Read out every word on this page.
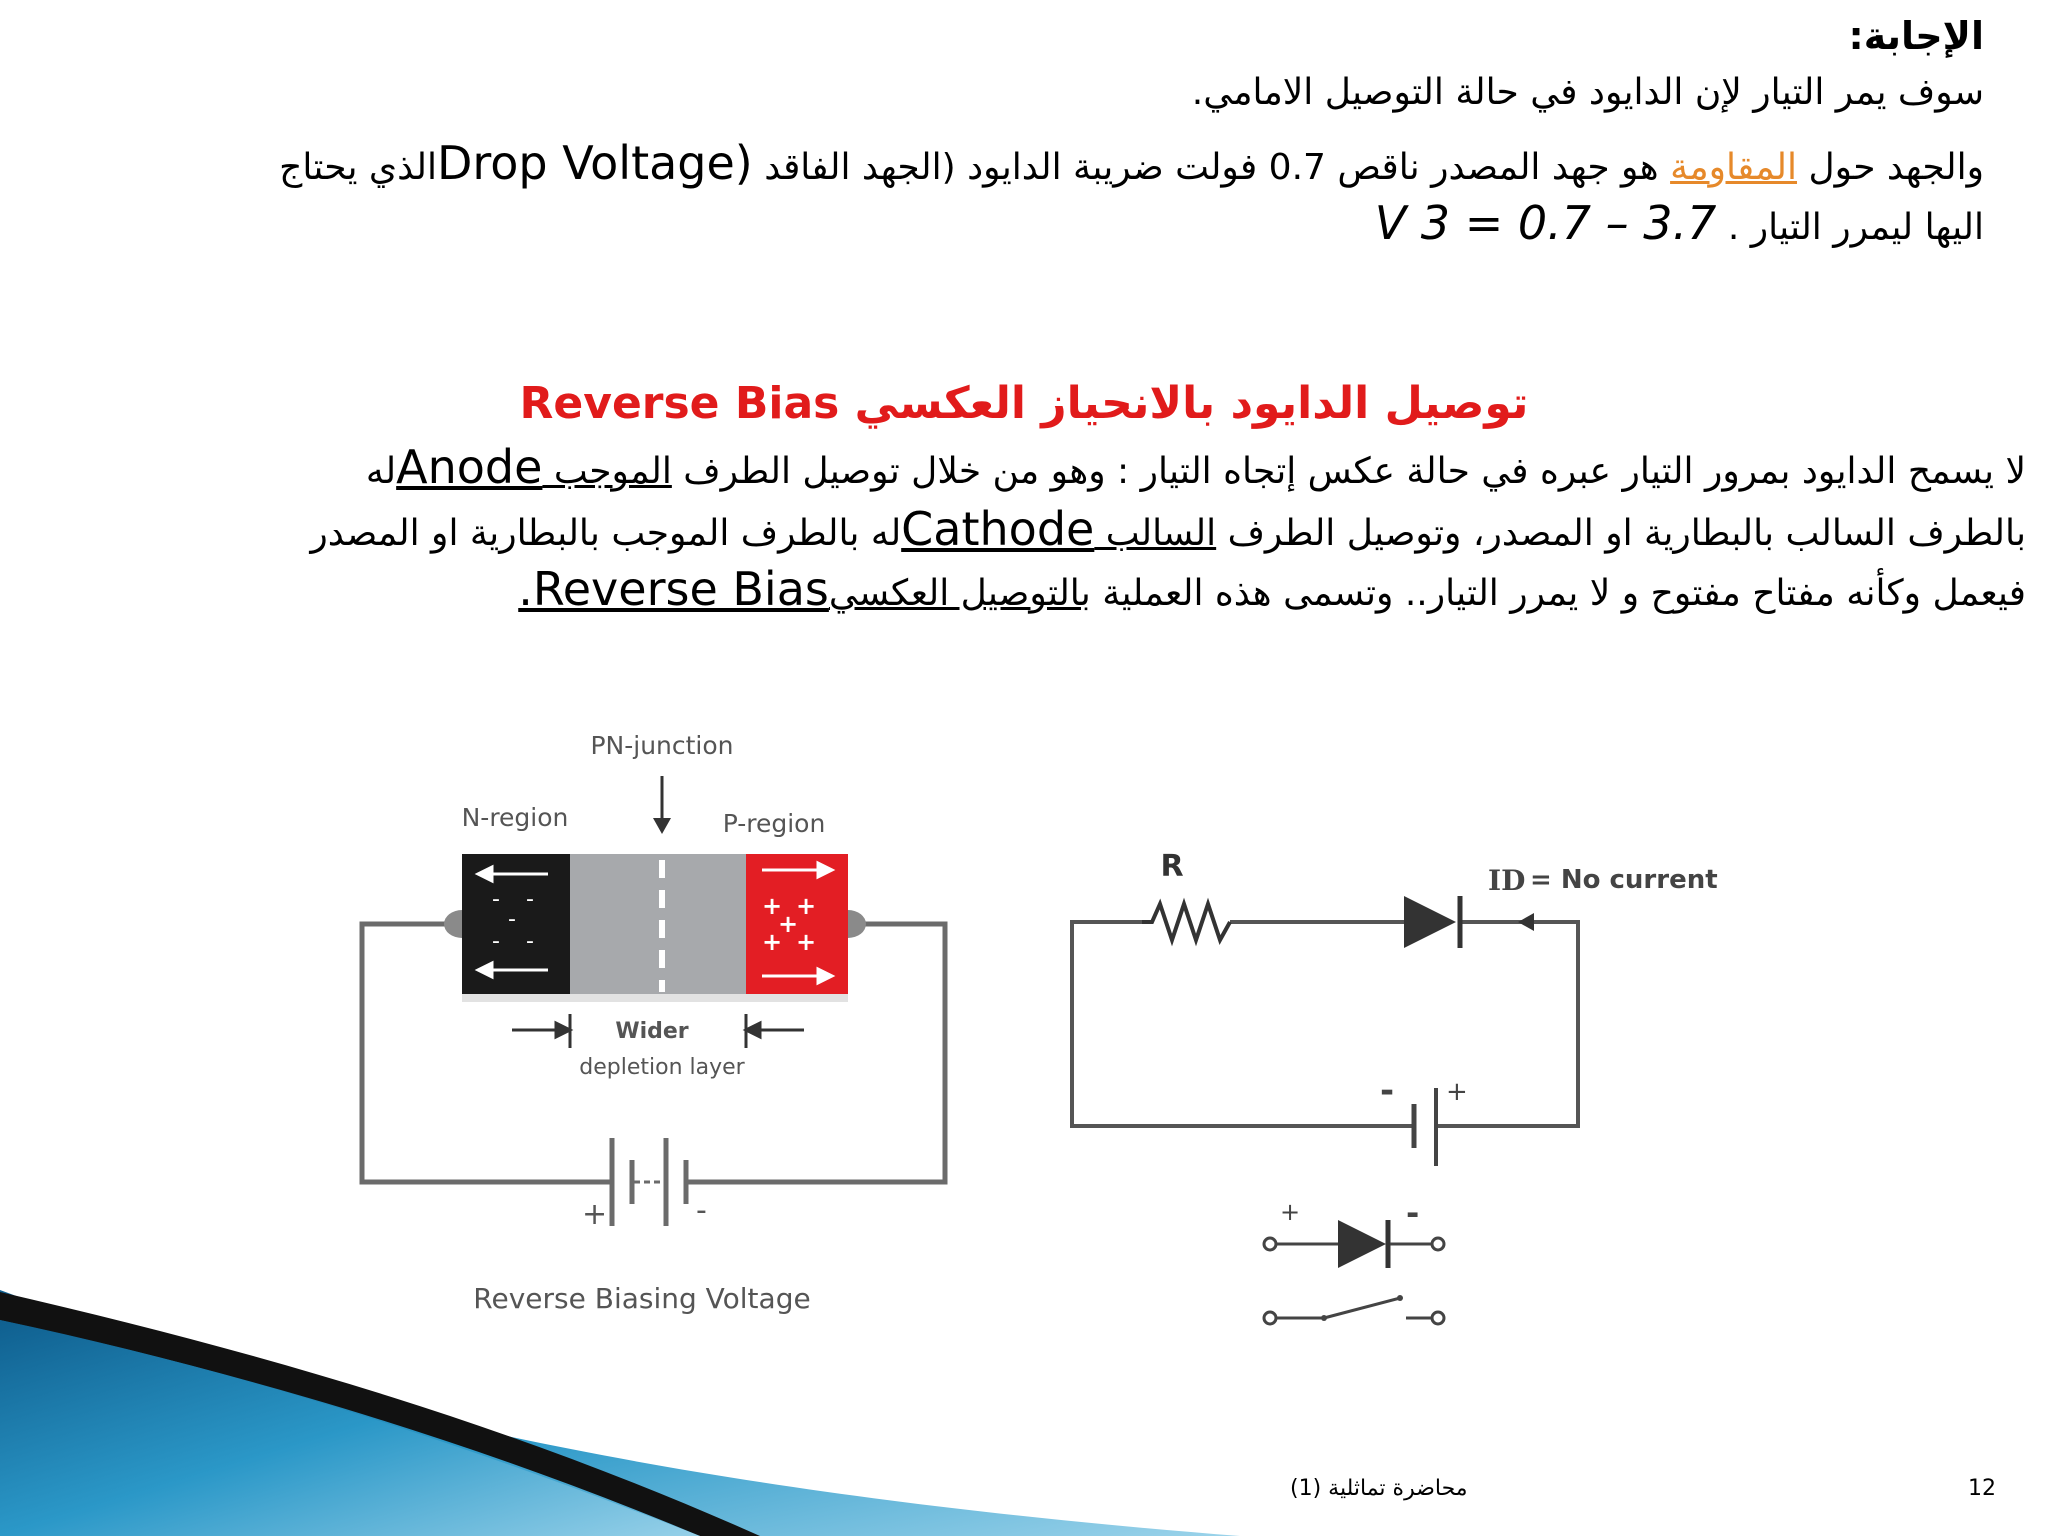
الإجابة:
سوف يمر التيار لإن الدايود في حالة التوصيل الامامي.
والجهد حول المقاومة هو جهد المصدر ناقص 0.7 فولت ضريبة الدايود (الجهد الفاقد Drop Voltage)الذي يحتاج
اليها ليمرر التيار . V 3 = 0.7 – 3.7
توصيل الدايود بالانحياز العكسي Reverse Bias
لا يسمح الدايود بمرور التيار عبره في حالة عكس إتجاه التيار : وهو من خلال توصيل الطرف الموجب Anodeله
بالطرف السالب بالبطارية او المصدر، وتوصيل الطرف السالب Cathodeله بالطرف الموجب بالبطارية او المصدر
فيعمل وكأنه مفتاح مفتوح و لا يمرر التيار.. وتسمى هذه العملية بالتوصيل العكسي.Reverse Bias
PN-junction
N-region	P-region
- -
-
- -
+ +
+
+ +
Wider
depletion layer
+	-
Reverse Biasing Voltage
R	ID = No current
- +
+	-
محاضرة تماثلية (1)	12
